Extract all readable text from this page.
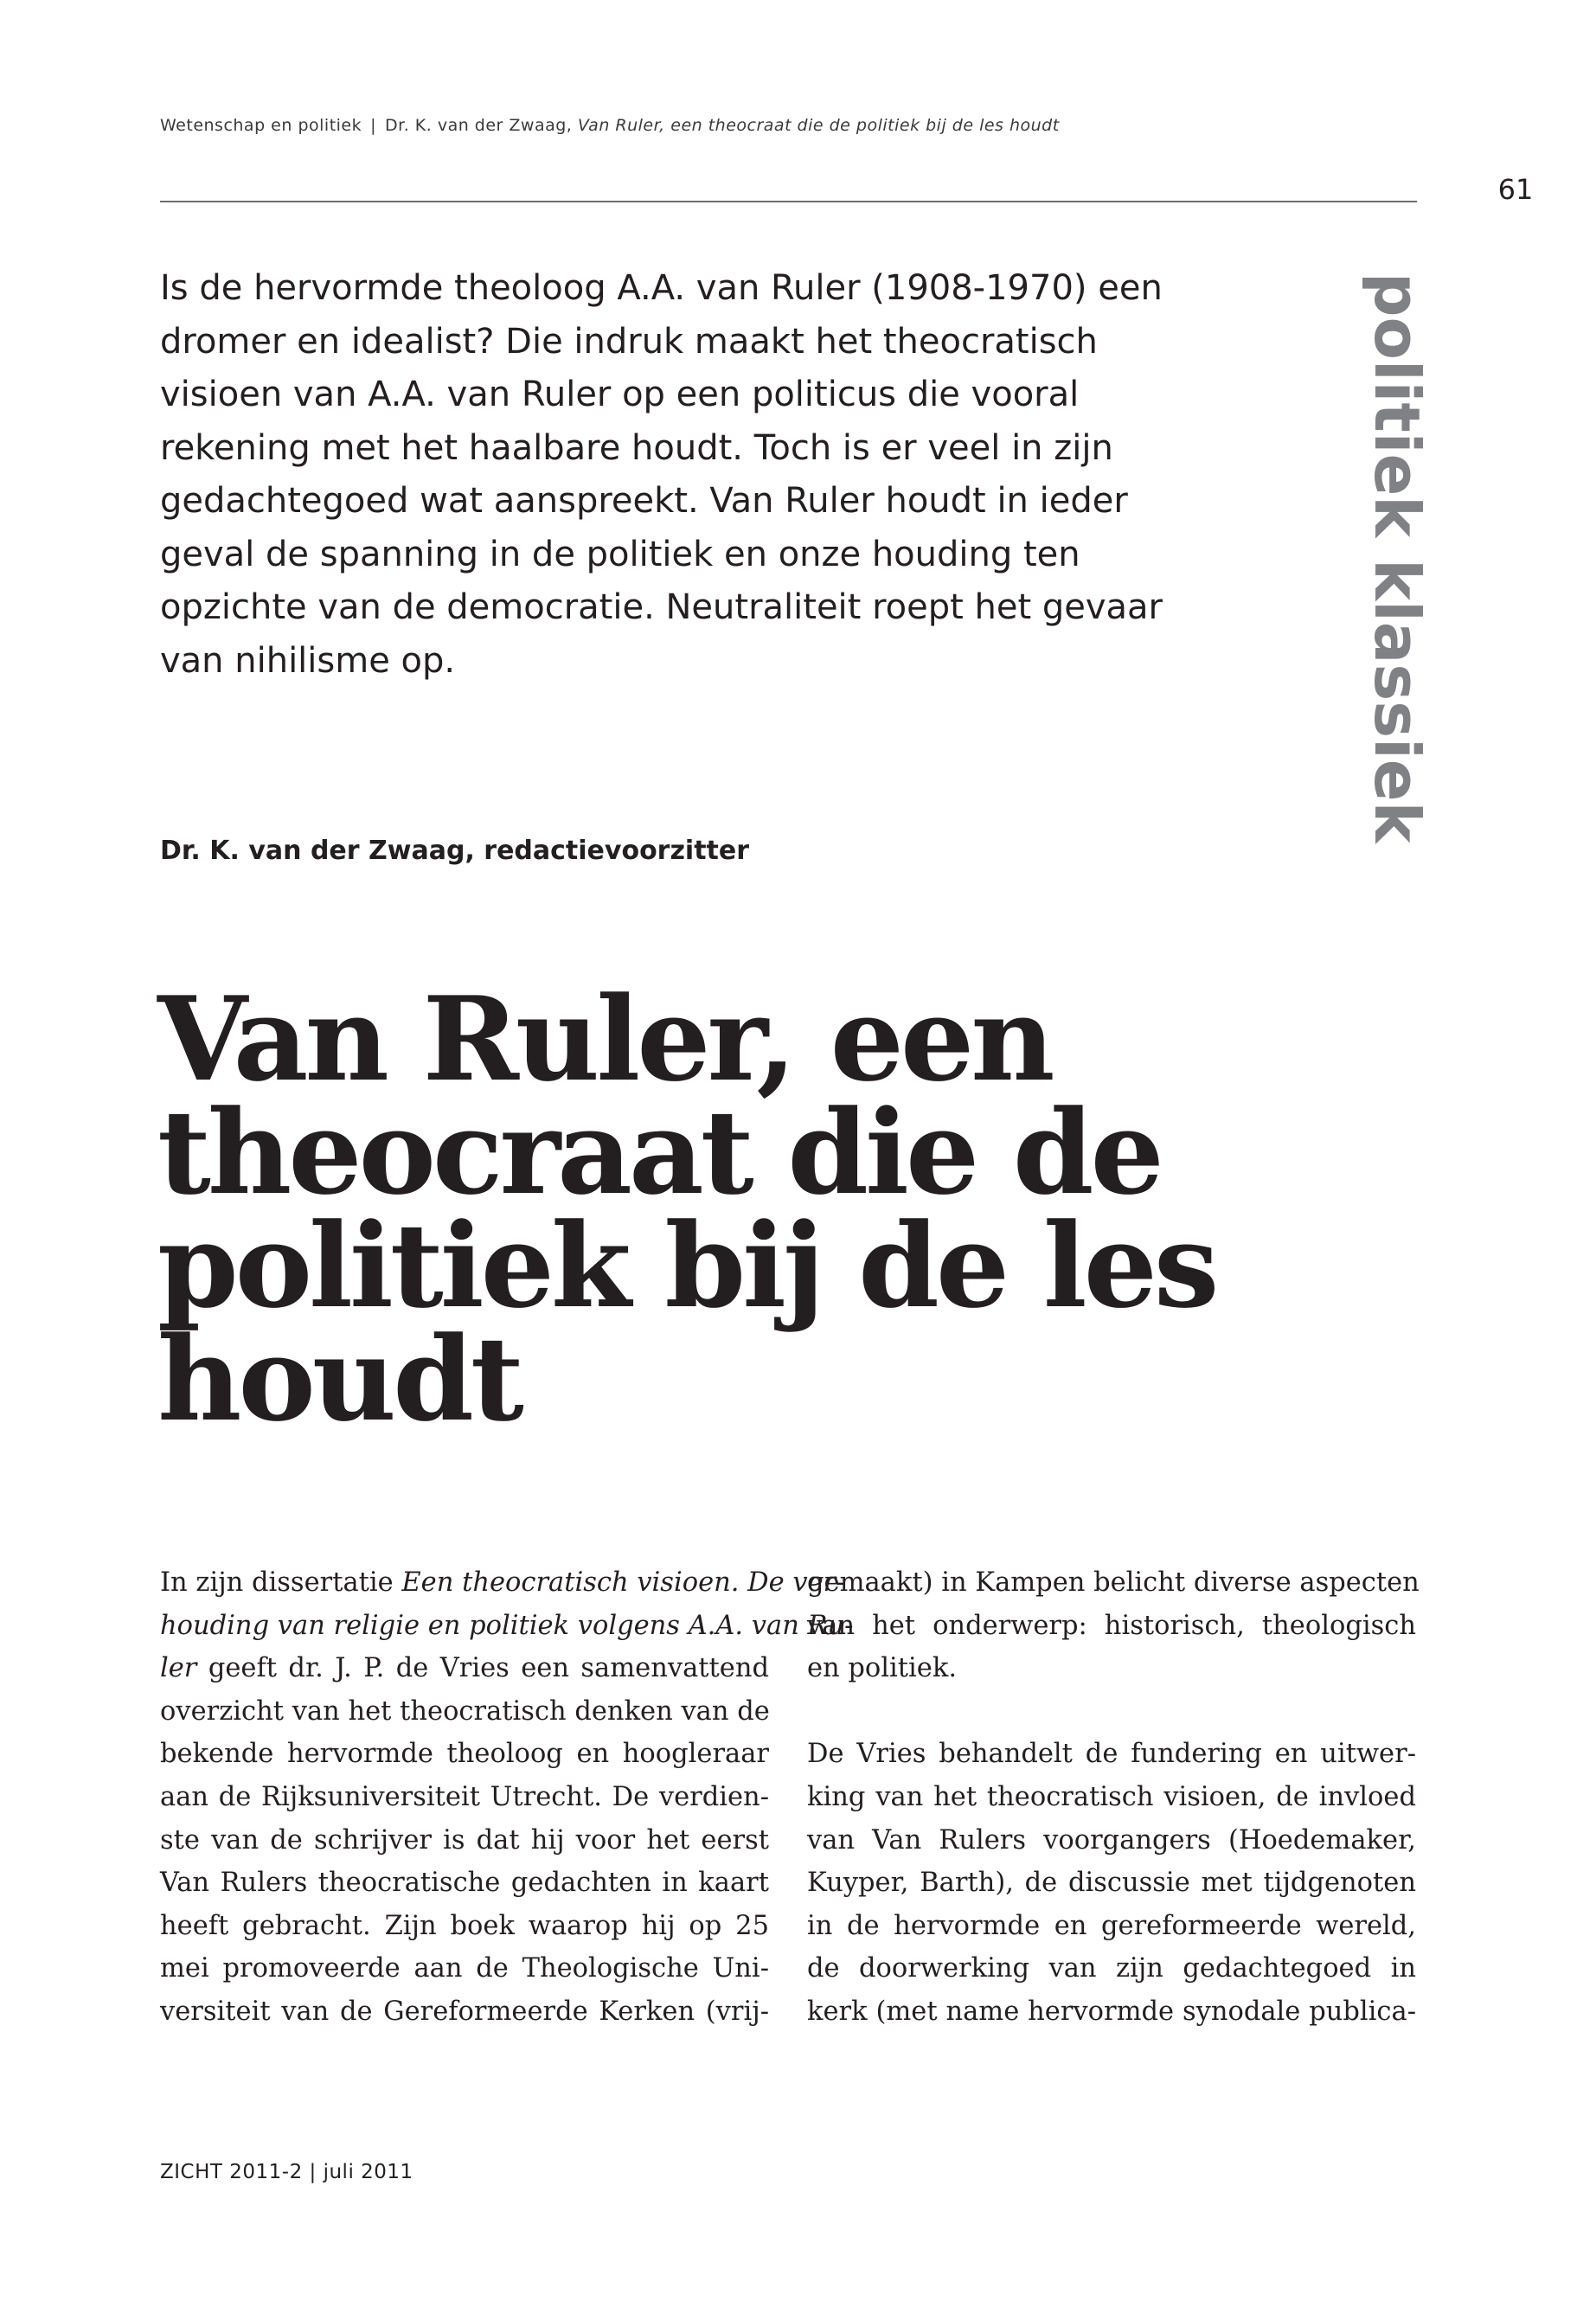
Wetenschap en politiek | Dr. K. van der Zwaag, Van Ruler, een theocraat die de politiek bij de les houdt
61
Is de hervormde theoloog A.A. van Ruler (1908-1970) een
dromer en idealist? Die indruk maakt het theocratisch
visioen van A.A. van Ruler op een politicus die vooral
rekening met het haalbare houdt. Toch is er veel in zijn
gedachtegoed wat aanspreekt. Van Ruler houdt in ieder
geval de spanning in de politiek en onze houding ten
opzichte van de democratie. Neutraliteit roept het gevaar
van nihilisme op.	politiek klassiek
Dr. K. van der Zwaag, redactievoorzitter
Van Ruler, een
theocraat die de
politiek bij de les
houdt
In zijn dissertatie Een theocratisch visioen. De ver-
houding van religie en politiek volgens A.A. van Ru-
ler geeft dr. J. P. de Vries een samenvattend
overzicht van het theocratisch denken van de
bekende hervormde theoloog en hoogleraar
aan de Rijksuniversiteit Utrecht. De verdien-
ste van de schrijver is dat hij voor het eerst
Van Rulers theocratische gedachten in kaart
heeft gebracht. Zijn boek waarop hij op 25
mei promoveerde aan de Theologische Uni-
versiteit van de Gereformeerde Kerken (vrij-
gemaakt) in Kampen belicht diverse aspecten
van het onderwerp: historisch, theologisch
en politiek.
De Vries behandelt de fundering en uitwer-
king van het theocratisch visioen, de invloed
van Van Rulers voorgangers (Hoedemaker,
Kuyper, Barth), de discussie met tijdgenoten
in de hervormde en gereformeerde wereld,
de doorwerking van zijn gedachtegoed in
kerk (met name hervormde synodale publica-
ZICHT 2011-2 | juli 2011
